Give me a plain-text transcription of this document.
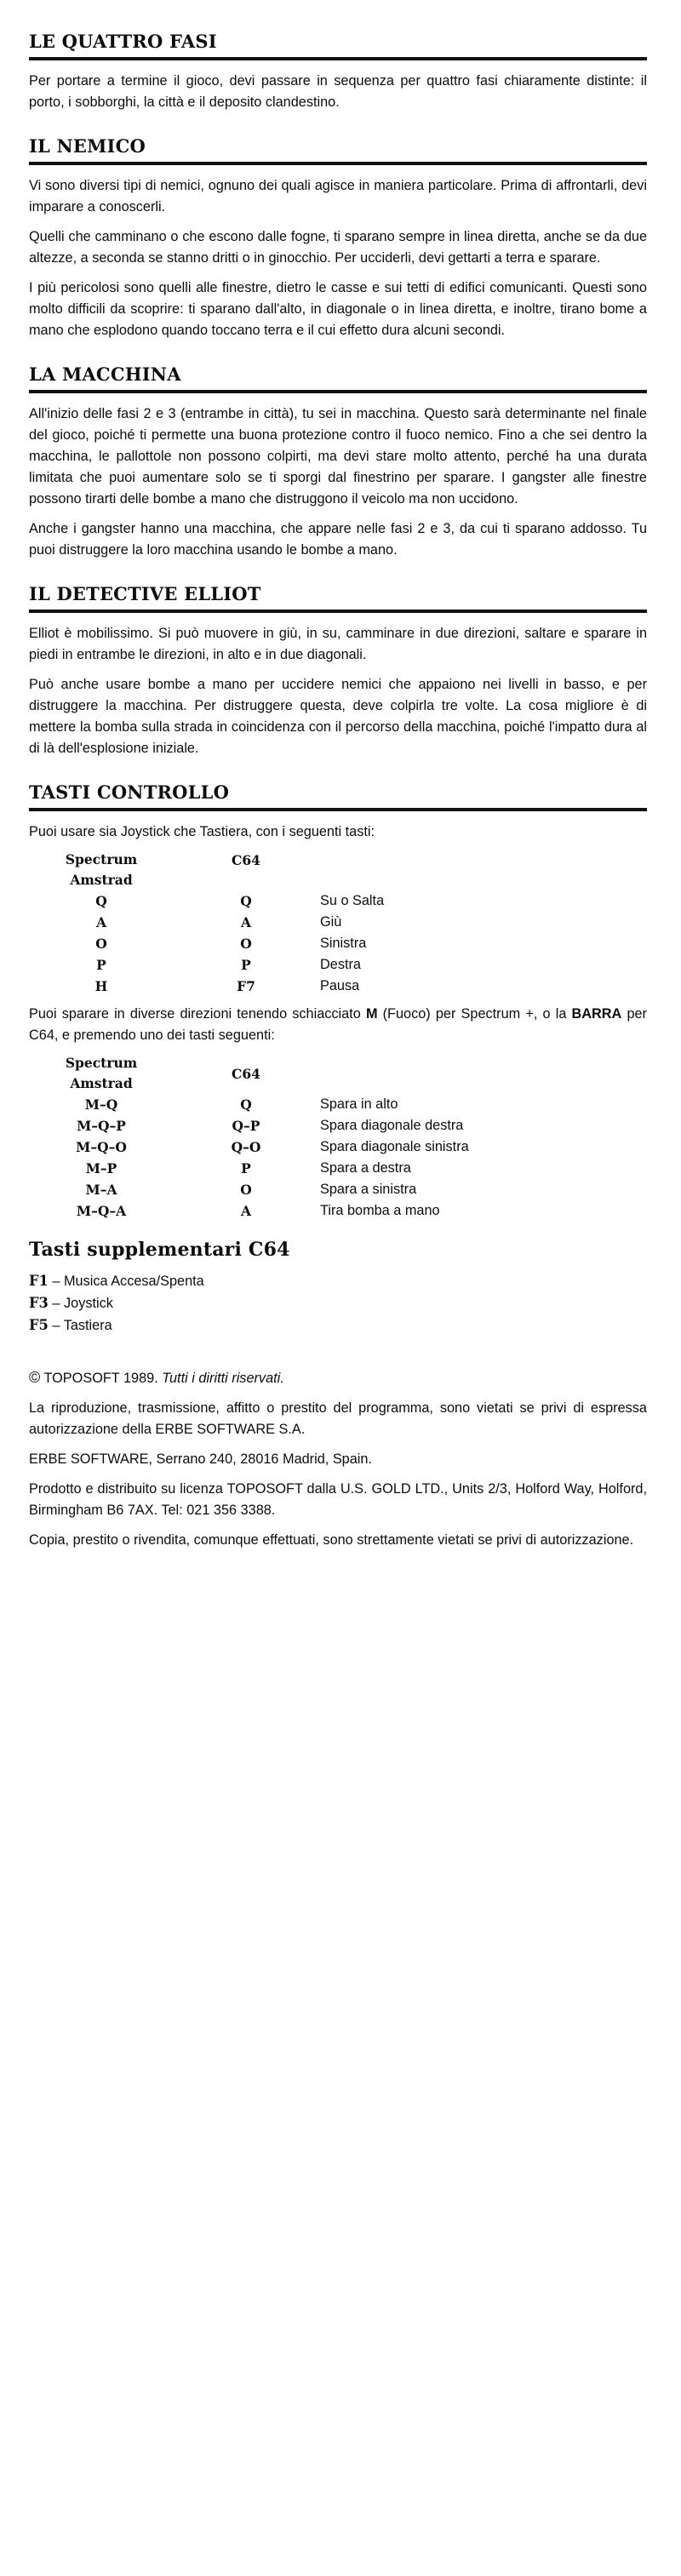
LE QUATTRO FASI

Per portare a termine il gioco, devi passare in sequenza per quattro fasi chiaramente distinte: il porto, i sobborghi, la città e il deposito clandestino.

IL NEMICO

Vi sono diversi tipi di nemici, ognuno dei quali agisce in maniera particolare. Prima di affrontarli, devi imparare a conoscerli.

Quelli che camminano o che escono dalle fogne, ti sparano sempre in linea diretta, anche se da due altezze, a seconda se stanno dritti o in ginocchio. Per ucciderli, devi gettarti a terra e sparare.

I più pericolosi sono quelli alle finestre, dietro le casse e sui tetti di edifici comunicanti. Questi sono molto difficili da scoprire: ti sparano dall'alto, in diagonale o in linea diretta, e inoltre, tirano bome a mano che esplodono quando toccano terra e il cui effetto dura alcuni secondi.

LA MACCHINA

All'inizio delle fasi 2 e 3 (entrambe in città), tu sei in macchina. Questo sarà determinante nel finale del gioco, poiché ti permette una buona protezione contro il fuoco nemico. Fino a che sei dentro la macchina, le pallottole non possono colpirti, ma devi stare molto attento, perché ha una durata limitata che puoi aumentare solo se ti sporgi dal finestrino per sparare. I gangster alle finestre possono tirarti delle bombe a mano che distruggono il veicolo ma non uccidono.

Anche i gangster hanno una macchina, che appare nelle fasi 2 e 3, da cui ti sparano addosso. Tu puoi distruggere la loro macchina usando le bombe a mano.

IL DETECTIVE ELLIOT

Elliot è mobilissimo. Si può muovere in giù, in su, camminare in due direzioni, saltare e sparare in piedi in entrambe le direzioni, in alto e in due diagonali.

Può anche usare bombe a mano per uccidere nemici che appaiono nei livelli in basso, e per distruggere la macchina. Per distruggere questa, deve colpirla tre volte. La cosa migliore è di mettere la bomba sulla strada in coincidenza con il percorso della macchina, poiché l'impatto dura al di là dell'esplosione iniziale.

TASTI CONTROLLO

Puoi usare sia Joystick che Tastiera, con i seguenti tasti:

Spectrum
Amstrad	C64	
Q	Q	Su o Salta
A	A	Giù
O	O	Sinistra
P	P	Destra
H	F7	Pausa

Puoi sparare in diverse direzioni tenendo schiacciato M (Fuoco) per Spectrum +, o la BARRA per C64, e premendo uno dei tasti seguenti:

Spectrum
Amstrad	C64	
M–Q	Q	Spara in alto
M–Q–P	Q–P	Spara diagonale destra
M–Q–O	Q–O	Spara diagonale sinistra
M–P	P	Spara a destra
M–A	O	Spara a sinistra
M–Q–A	A	Tira bomba a mano
Tasti supplementari C64

F1 – Musica Accesa/Spenta

F3 – Joystick

F5 – Tastiera

© TOPOSOFT 1989. Tutti i diritti riservati.

La riproduzione, trasmissione, affitto o prestito del programma, sono vietati se privi di espressa autorizzazione della ERBE SOFTWARE S.A.

ERBE SOFTWARE, Serrano 240, 28016 Madrid, Spain.

Prodotto e distribuito su licenza TOPOSOFT dalla U.S. GOLD LTD., Units 2/3, Holford Way, Holford, Birmingham B6 7AX. Tel: 021 356 3388.

Copia, prestito o rivendita, comunque effettuati, sono strettamente vietati se privi di autorizzazione.
